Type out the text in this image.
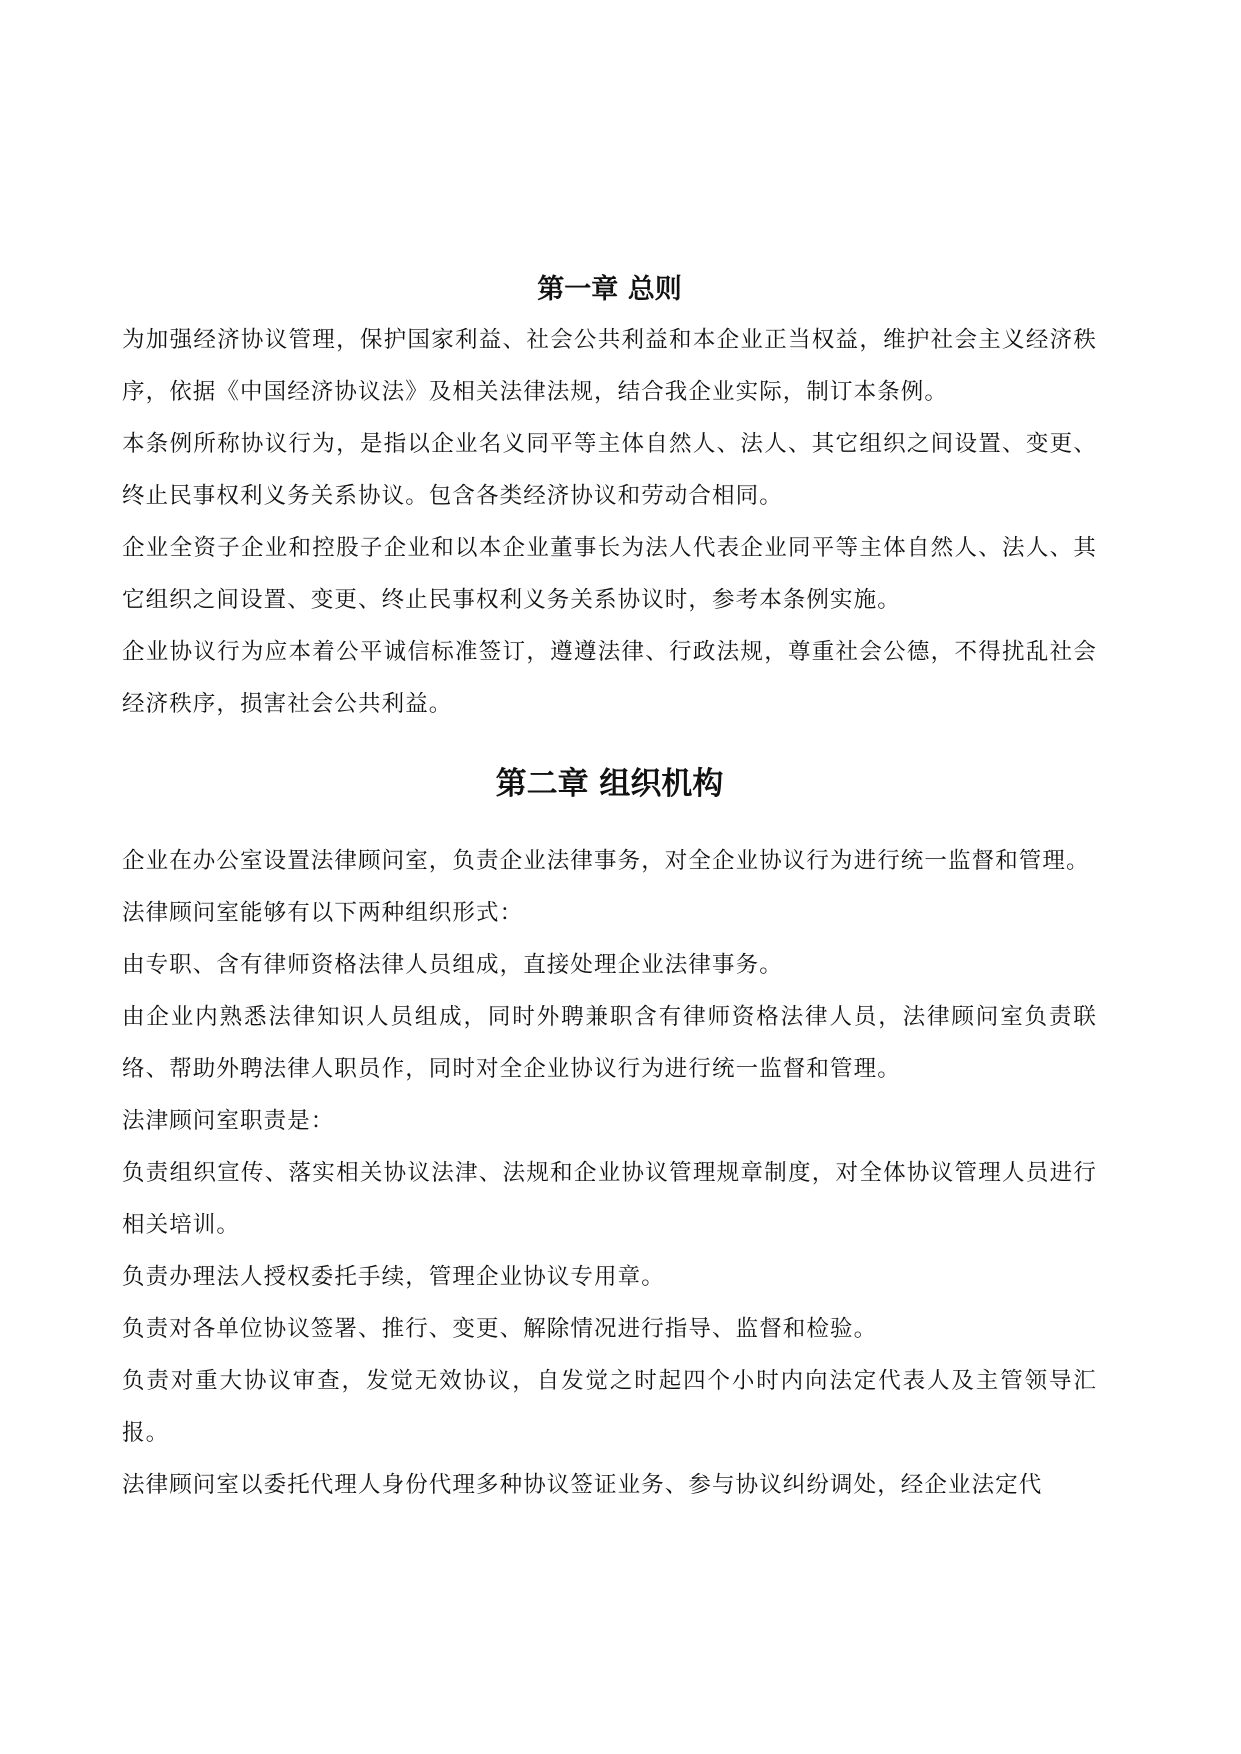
第一章 总则

为加强经济协议管理，保护国家利益、社会公共利益和本企业正当权益，维护社会主义经济秩序，依据《中国经济协议法》及相关法律法规，结合我企业实际，制订本条例。

本条例所称协议行为，是指以企业名义同平等主体自然人、法人、其它组织之间设置、变更、终止民事权利义务关系协议。包含各类经济协议和劳动合相同。

企业全资子企业和控股子企业和以本企业董事长为法人代表企业同平等主体自然人、法人、其它组织之间设置、变更、终止民事权利义务关系协议时，参考本条例实施。

企业协议行为应本着公平诚信标准签订，遵遵法律、行政法规，尊重社会公德，不得扰乱社会经济秩序，损害社会公共利益。

第二章 组织机构

企业在办公室设置法律顾问室，负责企业法律事务，对全企业协议行为进行统一监督和管理。

法律顾问室能够有以下两种组织形式：

由专职、含有律师资格法律人员组成，直接处理企业法律事务。

由企业内熟悉法律知识人员组成，同时外聘兼职含有律师资格法律人员，法律顾问室负责联络、帮助外聘法律人职员作，同时对全企业协议行为进行统一监督和管理。

法津顾问室职责是：

负责组织宣传、落实相关协议法津、法规和企业协议管理规章制度，对全体协议管理人员进行相关培训。

负责办理法人授权委托手续，管理企业协议专用章。

负责对各单位协议签署、推行、变更、解除情况进行指导、监督和检验。

负责对重大协议审查，发觉无效协议，自发觉之时起四个小时内向法定代表人及主管领导汇报。

法律顾问室以委托代理人身份代理多种协议签证业务、参与协议纠纷调处，经企业法定代
